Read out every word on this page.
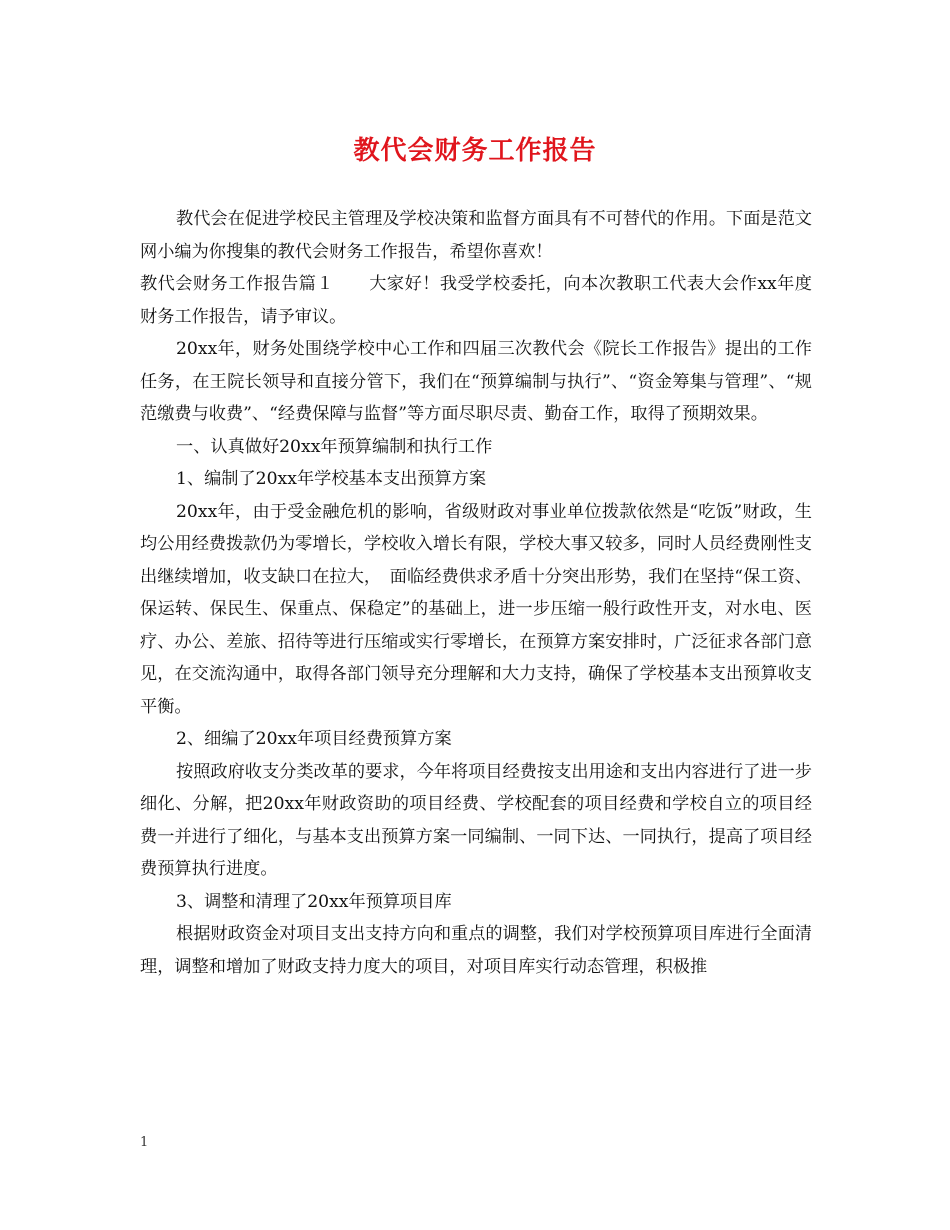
教代会财务工作报告

教代会在促进学校民主管理及学校决策和监督方面具有不可替代的作用。下面是范文网小编为你搜集的教代会财务工作报告，希望你喜欢！

教代会财务工作报告篇１　　大家好！我受学校委托，向本次教职工代表大会作xx年度财务工作报告，请予审议。

20xx年，财务处围绕学校中心工作和四届三次教代会《院长工作报告》提出的工作任务，在王院长领导和直接分管下，我们在“预算编制与执行”、“资金筹集与管理”、“规范缴费与收费”、“经费保障与监督”等方面尽职尽责、勤奋工作，取得了预期效果。

一、认真做好20xx年预算编制和执行工作

1、编制了20xx年学校基本支出预算方案

20xx年，由于受金融危机的影响，省级财政对事业单位拨款依然是“吃饭”财政，生均公用经费拨款仍为零增长，学校收入增长有限，学校大事又较多，同时人员经费刚性支出继续增加，收支缺口在拉大，　面临经费供求矛盾十分突出形势，我们在坚持“保工资、保运转、保民生、保重点、保稳定”的基础上，进一步压缩一般行政性开支，对水电、医疗、办公、差旅、招待等进行压缩或实行零增长，在预算方案安排时，广泛征求各部门意见，在交流沟通中，取得各部门领导充分理解和大力支持，确保了学校基本支出预算收支平衡。

2、细编了20xx年项目经费预算方案

按照政府收支分类改革的要求，今年将项目经费按支出用途和支出内容进行了进一步细化、分解，把20xx年财政资助的项目经费、学校配套的项目经费和学校自立的项目经费一并进行了细化，与基本支出预算方案一同编制、一同下达、一同执行，提高了项目经费预算执行进度。

3、调整和清理了20xx年预算项目库

根据财政资金对项目支出支持方向和重点的调整，我们对学校预算项目库进行全面清理，调整和增加了财政支持力度大的项目，对项目库实行动态管理，积极推

1
